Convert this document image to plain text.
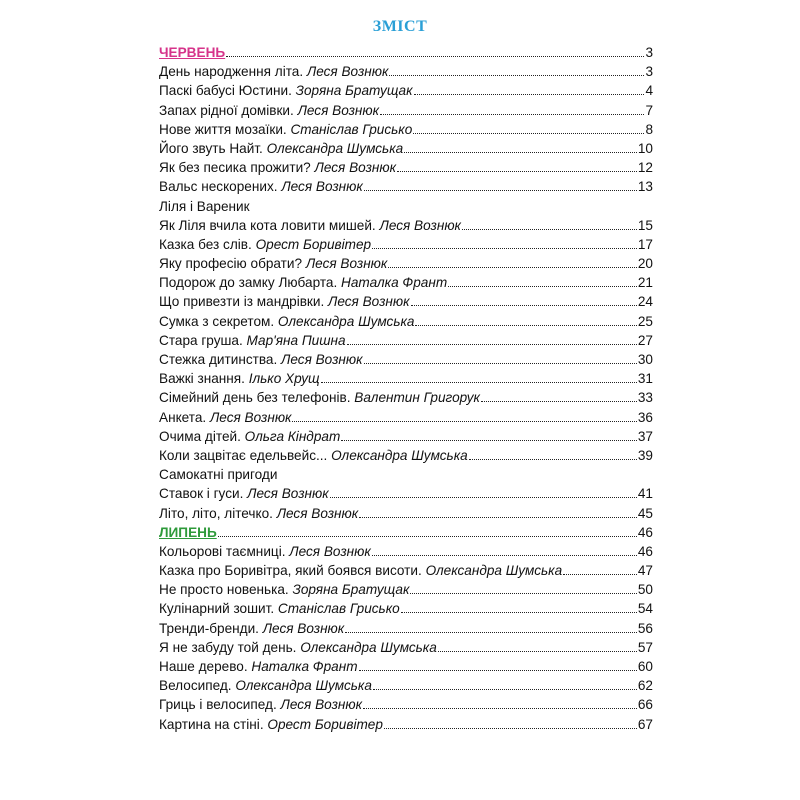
ЗМІСТ
ЧЕРВЕНЬ	3
День народження літа. Леся Вознюк	3
Паскі бабусі Юстини. Зоряна Братущак	4
Запах рідної домівки. Леся Вознюк	7
Нове життя мозаїки. Станіслав Грисько	8
Його звуть Найт. Олександра Шумська	10
Як без песика прожити? Леся Вознюк	12
Вальс нескорених. Леся Вознюк	13
Ліля і Вареник
Як Ліля вчила кота ловити мишей. Леся Вознюк	15
Казка без слів. Орест Боривітер	17
Яку професію обрати? Леся Вознюк	20
Подорож до замку Любарта. Наталка Франт	21
Що привезти із мандрівки. Леся Вознюк	24
Сумка з секретом. Олександра Шумська	25
Стара груша. Мар'яна Пишна	27
Стежка дитинства. Леся Вознюк	30
Важкі знання. Ілько Хрущ	31
Сімейний день без телефонів. Валентин Григорук	33
Анкета. Леся Вознюк	36
Очима дітей. Ольга Кіндрат	37
Коли зацвітає едельвейс... Олександра Шумська	39
Самокатні пригоди
Ставок і гуси. Леся Вознюк	41
Літо, літо, літечко. Леся Вознюк	45
ЛИПЕНЬ	46
Кольорові таємниці. Леся Вознюк	46
Казка про Боривітра, який боявся висоти. Олександра Шумська	47
Не просто новенька. Зоряна Братущак	50
Кулінарний зошит. Станіслав Грисько	54
Тренди-бренди. Леся Вознюк	56
Я не забуду той день. Олександра Шумська	57
Наше дерево. Наталка Франт	60
Велосипед. Олександра Шумська	62
Гриць і велосипед. Леся Вознюк	66
Картина на стіні. Орест Боривітер	67
